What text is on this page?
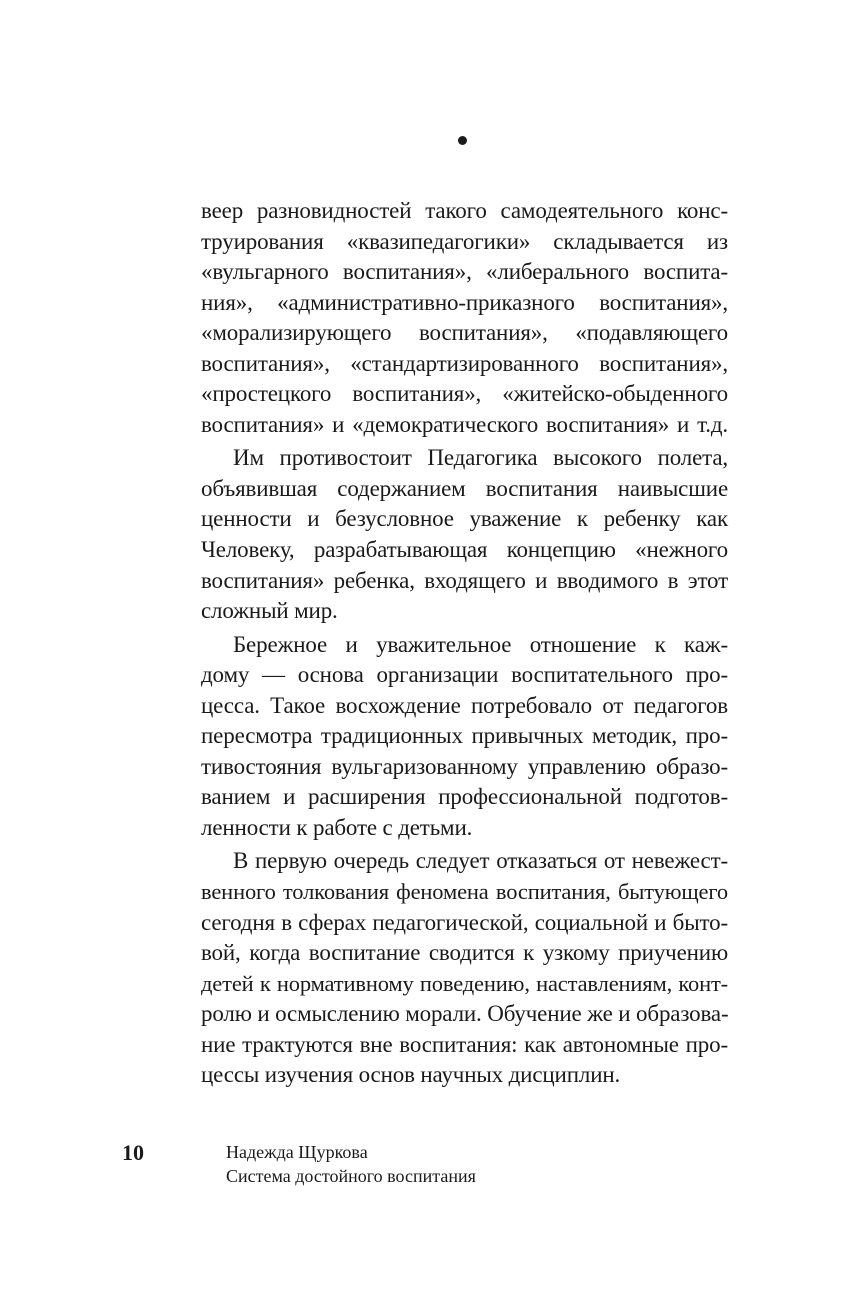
веер разновидностей такого самодеятельного конс-
труирования «квазипедагогики» складывается из
«вульгарного воспитания», «либерального воспита-
ния», «административно-приказного воспитания»,
«морализирующего воспитания», «подавляющего
воспитания», «стандартизированного воспитания»,
«простецкого воспитания», «житейско-обыденного
воспитания» и «демократического воспитания» и т.д.
Им противостоит Педагогика высокого полета,
объявившая содержанием воспитания наивысшие
ценности и безусловное уважение к ребенку как
Человеку, разрабатывающая концепцию «нежного
воспитания» ребенка, входящего и вводимого в этот
сложный мир.
Бережное и уважительное отношение к каж-
дому — основа организации воспитательного про-
цесса. Такое восхождение потребовало от педагогов
пересмотра традиционных привычных методик, про-
тивостояния вульгаризованному управлению образо-
ванием и расширения профессиональной подготов-
ленности к работе с детьми.
В первую очередь следует отказаться от невежест-
венного толкования феномена воспитания, бытующего
сегодня в сферах педагогической, социальной и быто-
вой, когда воспитание сводится к узкому приучению
детей к нормативному поведению, наставлениям, конт-
ролю и осмыслению морали. Обучение же и образова-
ние трактуются вне воспитания: как автономные про-
цессы изучения основ научных дисциплин.
10	Надежда Щуркова
Система достойного воспитания
